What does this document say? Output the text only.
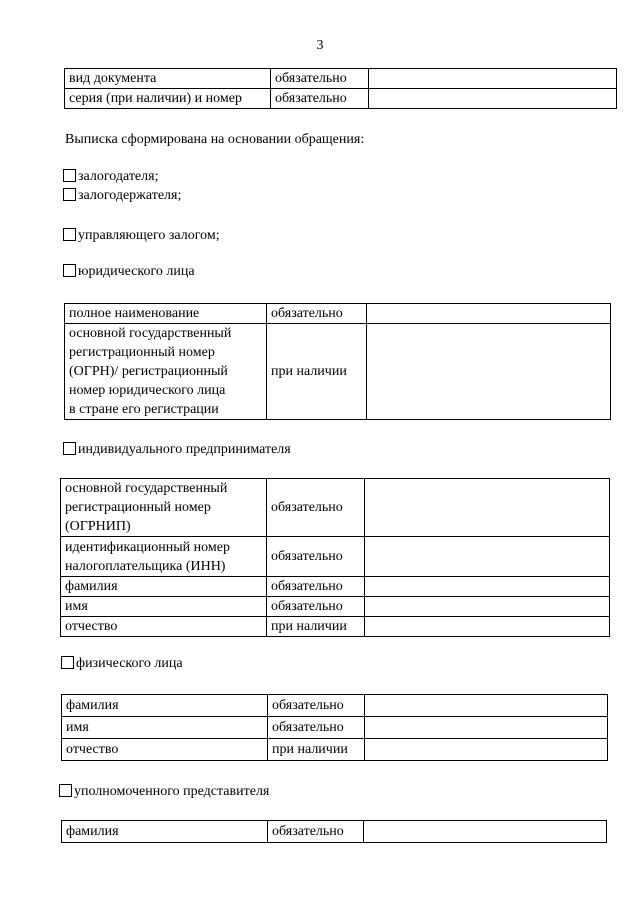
3
вид документа	обязательно	
серия (при наличии) и номер	обязательно	
Выписка сформирована на основании обращения:
залогодателя;
залогодержателя;
управляющего залогом;
юридического лица
полное наименование	обязательно	

основной государственный
регистрационный номер
(ОГРН)/ регистрационный
номер юридического лица
в стране его регистрации	при наличии	
индивидуального предпринимателя
основной государственный
регистрационный номер
(ОГРНИП)	обязательно	

идентификационный номер
налогоплательщика (ИНН)	обязательно	
фамилия	обязательно	
имя	обязательно	
отчество	при наличии	
физического лица
фамилия	обязательно	
имя	обязательно	
отчество	при наличии	
уполномоченного представителя
фамилия	обязательно	
